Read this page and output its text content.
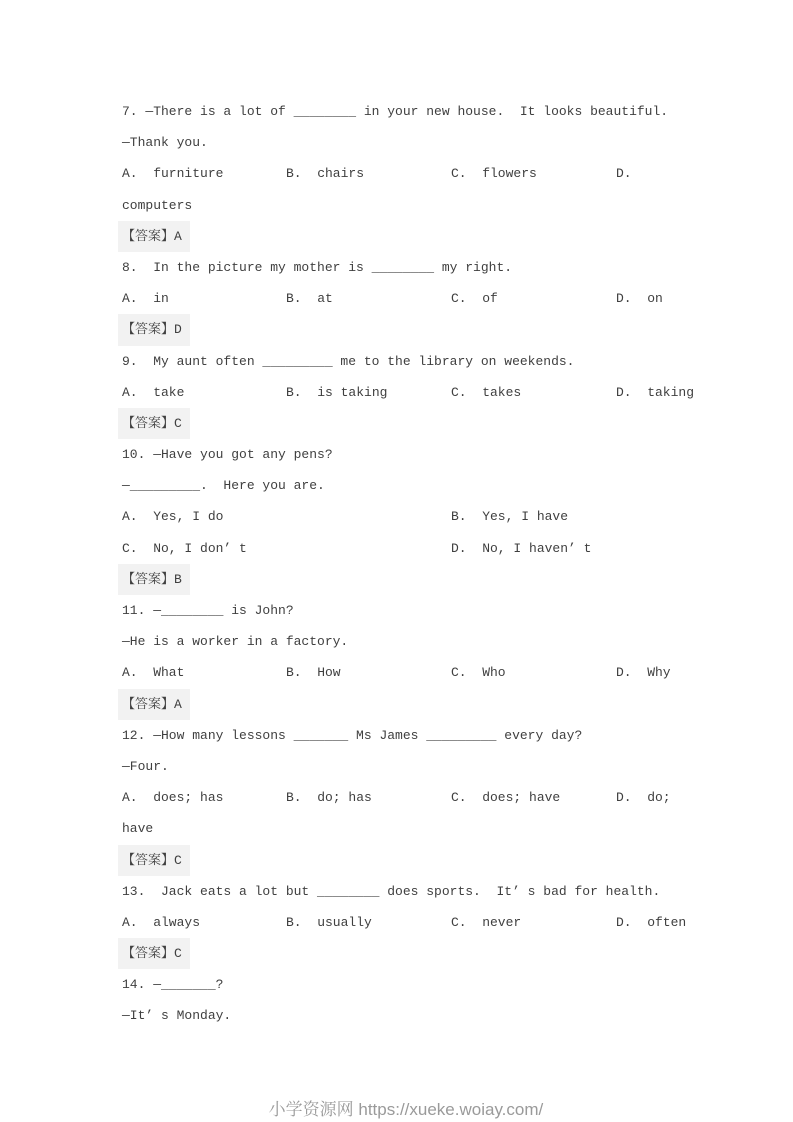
7. —There is a lot of ________ in your new house.  It looks beautiful.
—Thank you.
A.  furniture	B.  chairs	C.  flowers	D.
computers
【答案】A
8.  In the picture my mother is ________ my right.
A.  in	B.  at	C.  of	D.  on
【答案】D
9.  My aunt often _________ me to the library on weekends.
A.  take	B.  is taking	C.  takes	D.  taking
【答案】C
10. —Have you got any pens?
—_________.  Here you are.
A.  Yes, I do	B.  Yes, I have
C.  No, I don’ t	D.  No, I haven’ t
【答案】B
11. —________ is John?
—He is a worker in a factory.
A.  What	B.  How	C.  Who	D.  Why
【答案】A
12. —How many lessons _______ Ms James _________ every day?
—Four.
A.  does; has	B.  do; has	C.  does; have	D.  do;
have
【答案】C
13.  Jack eats a lot but ________ does sports.  It’ s bad for health.
A.  always	B.  usually	C.  never	D.  often
【答案】C
14. —_______?
—It’ s Monday.

小学资源网 https://xueke.woiay.com/
